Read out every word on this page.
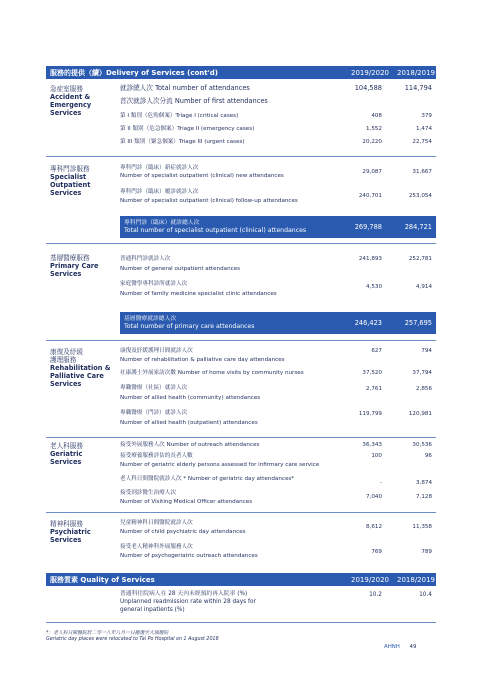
服務的提供（續）Delivery of Services (cont'd)	2019/2020	2018/2019
急症室服務
Accident &
Emergency
Services
就診總人次 Total number of attendances	104,588	114,794
首次就診人次分流 Number of first attendances
第 I 類別（危殆個案）Triage I (critical cases)	408	379
第 II 類別（危急個案）Triage II (emergency cases)	1,552	1,474
第 III 類別（緊急個案）Triage III (urgent cases)	20,220	22,754
專科門診服務
Specialist
Outpatient
Services
專科門診（臨床）新症就診人次
Number of specialist outpatient (clinical) new attendances
29,087	31,667
專科門診（臨床）覆診就診人次
Number of specialist outpatient (clinical) follow-up attendances
240,701	253,054
專科門診（臨床）就診總人次
Total number of specialist outpatient (clinical) attendances	269,788	284,721
基層醫療服務
Primary Care
Services
普通科門診就診人次
Number of general outpatient attendances
241,893	252,781
家庭醫學專科診所就診人次
Number of family medicine specialist clinic attendances
4,530	4,914
基層醫療就診總人次
Total number of primary care attendances	246,423	257,695
康復及紓緩
護理服務
Rehabilitation &
Palliative Care
Services
康復及紓緩護理日間就診人次
Number of rehabilitation & palliative care day attendances
627	794
社康護士外展家訪次數 Number of home visits by community nurses	37,520	37,794
專職醫療（社區）就診人次
Number of allied health (community) attendances
2,761	2,856
專職醫療（門診）就診人次
Number of allied health (outpatient) attendances
119,799	120,981
老人科服務
Geriatric
Services
接受外展服務人次 Number of outreach attendances	36,343	30,536
接受療養服務評估的長者人數
Number of geriatric elderly persons assessed for infirmary care service
100	96
老人科日間醫院就診人次 * Number of geriatric day attendances*
-	3,874
接受到診醫生治療人次
Number of Visiting Medical Officer attendances
7,040	7,128
精神科服務
Psychiatric
Services
兒童精神科日間醫院就診人次
Number of child psychiatric day attendances
8,612	11,358
接受老人精神科外展服務人次
Number of psychogeriatric outreach attendances
769	789
服務質素 Quality of Services	2019/2020	2018/2019
普通科住院病人在 28 天內未經預約再入院率 (%)
Unplanned readmission rate within 28 days for
general inpatients (%)
10.2	10.4
*：老人科日間醫院於二零一八年八月一日搬遷至大埔醫院
Geriatric day places were relocated to Tai Po Hospital on 1 August 2018
AHNH 49
